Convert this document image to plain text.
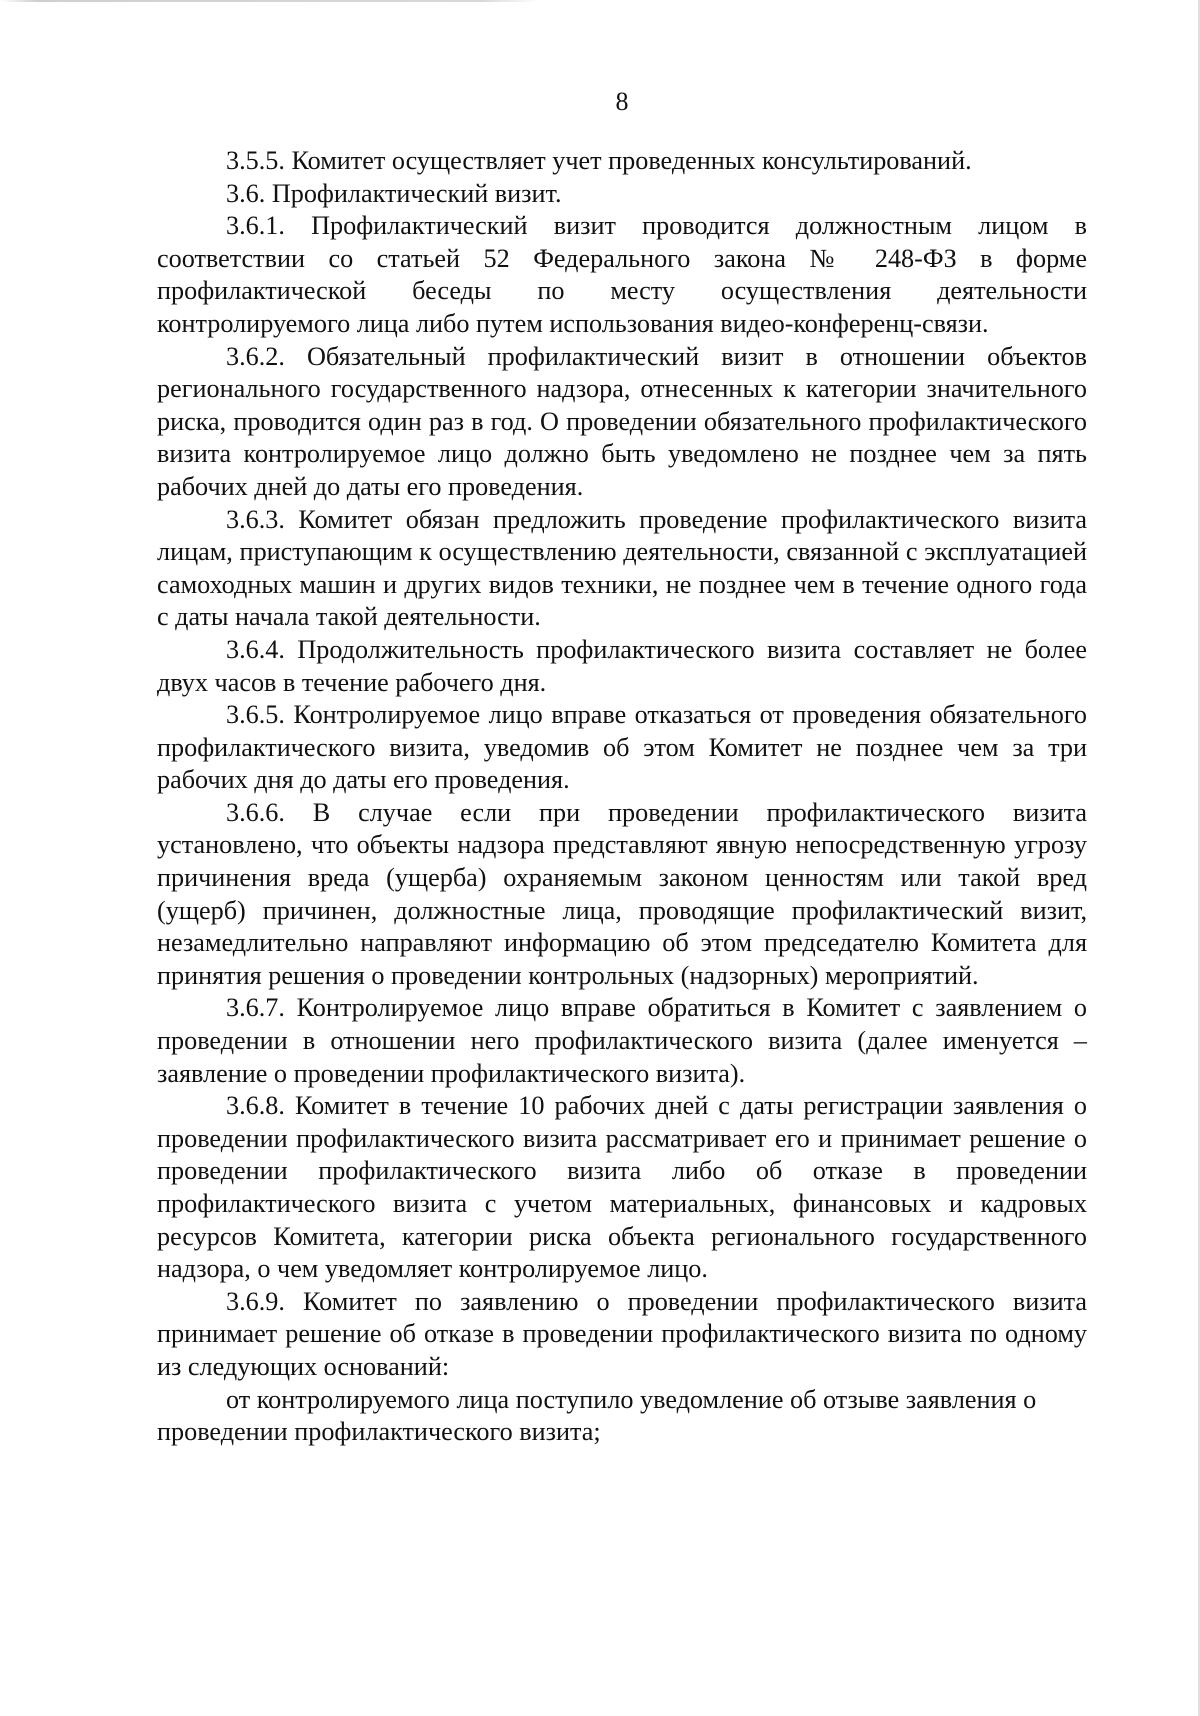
8

3.5.5. Комитет осуществляет учет проведенных консультирований.

3.6. Профилактический визит.

3.6.1. Профилактический визит проводится должностным лицом в соответствии со статьей 52 Федерального закона № 248-ФЗ в форме профилактической беседы по месту осуществления деятельности контролируемого лица либо путем использования видео-конференц-связи.

3.6.2. Обязательный профилактический визит в отношении объектов регионального государственного надзора, отнесенных к категории значительного риска, проводится один раз в год. О проведении обязательного профилактического визита контролируемое лицо должно быть уведомлено не позднее чем за пять рабочих дней до даты его проведения.

3.6.3. Комитет обязан предложить проведение профилактического визита лицам, приступающим к осуществлению деятельности, связанной с эксплуатацией самоходных машин и других видов техники, не позднее чем в течение одного года с даты начала такой деятельности.

3.6.4. Продолжительность профилактического визита составляет не более двух часов в течение рабочего дня.

3.6.5. Контролируемое лицо вправе отказаться от проведения обязательного профилактического визита, уведомив об этом Комитет не позднее чем за три рабочих дня до даты его проведения.

3.6.6. В случае если при проведении профилактического визита установлено, что объекты надзора представляют явную непосредственную угрозу причинения вреда (ущерба) охраняемым законом ценностям или такой вред (ущерб) причинен, должностные лица, проводящие профилактический визит, незамедлительно направляют информацию об этом председателю Комитета для принятия решения о проведении контрольных (надзорных) мероприятий.

3.6.7. Контролируемое лицо вправе обратиться в Комитет с заявлением о проведении в отношении него профилактического визита (далее именуется – заявление о проведении профилактического визита).

3.6.8. Комитет в течение 10 рабочих дней с даты регистрации заявления о проведении профилактического визита рассматривает его и принимает решение о проведении профилактического визита либо об отказе в проведении профилактического визита с учетом материальных, финансовых и кадровых ресурсов Комитета, категории риска объекта регионального государственного надзора, о чем уведомляет контролируемое лицо.

3.6.9. Комитет по заявлению о проведении профилактического визита принимает решение об отказе в проведении профилактического визита по одному из следующих оснований:

от контролируемого лица поступило уведомление об отзыве заявления о проведении профилактического визита;
